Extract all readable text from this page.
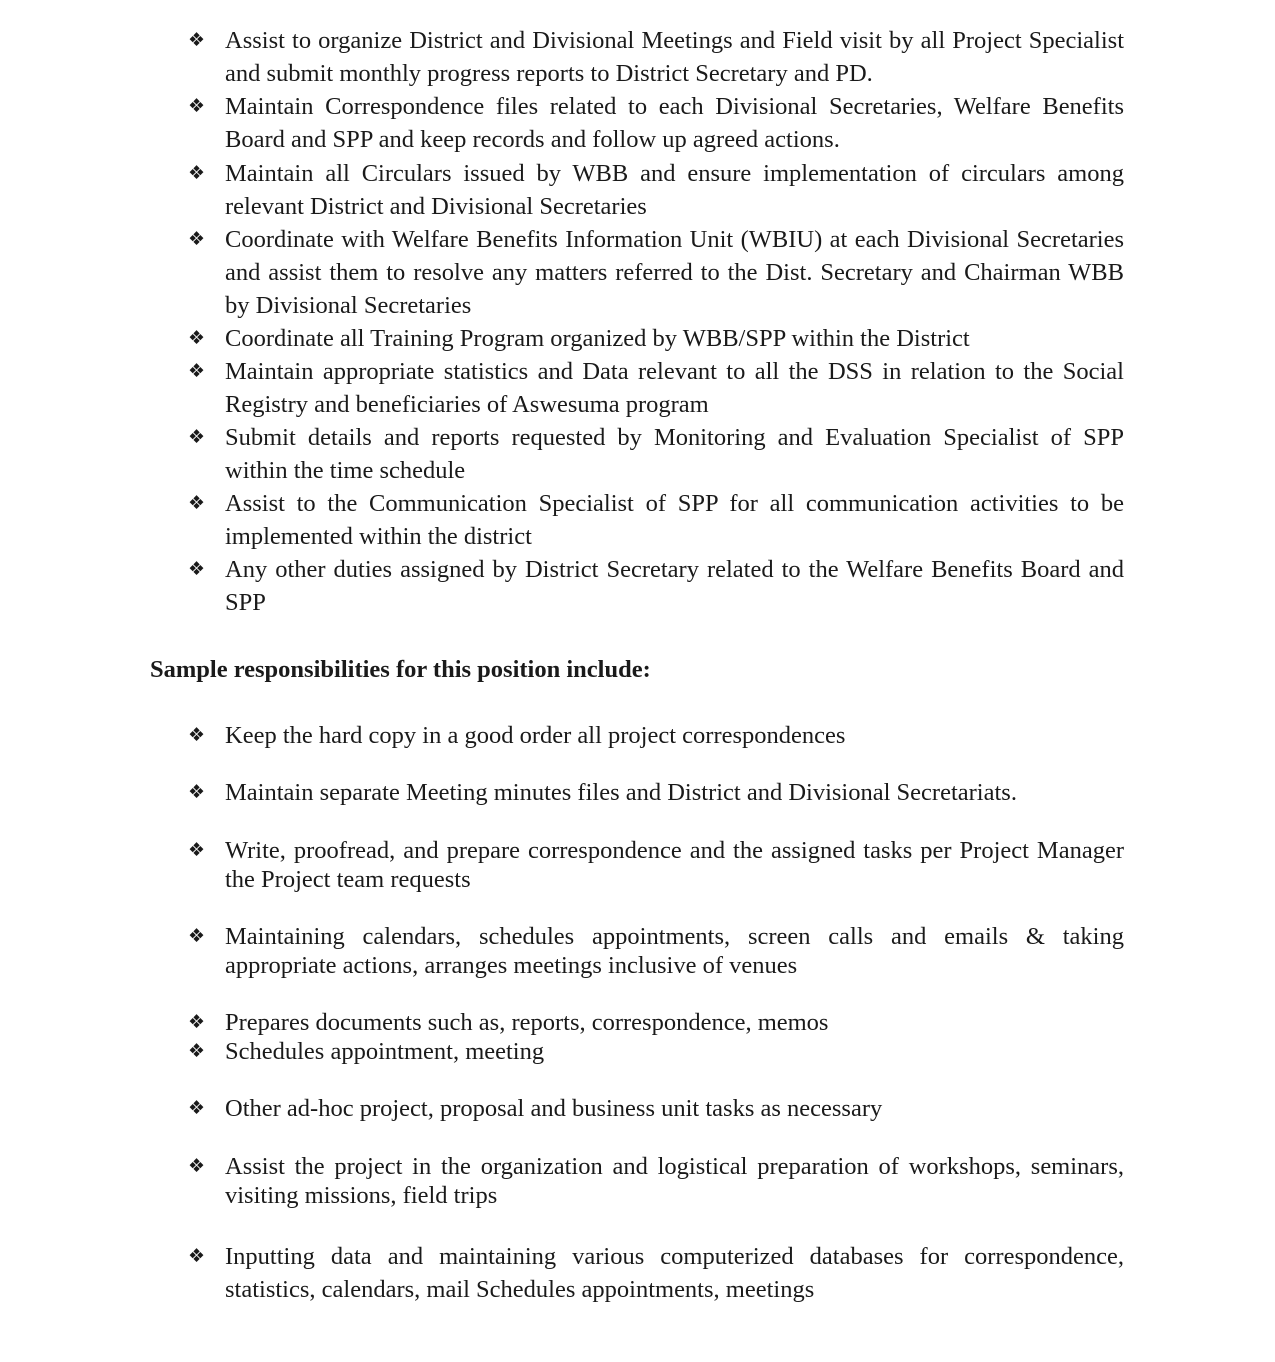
❖ Assist to organize District and Divisional Meetings and Field visit by all Project Specialist and submit monthly progress reports to District Secretary and PD.
❖ Maintain Correspondence files related to each Divisional Secretaries, Welfare Benefits Board and SPP and keep records and follow up agreed actions.
❖ Maintain all Circulars issued by WBB and ensure implementation of circulars among relevant District and Divisional Secretaries
❖ Coordinate with Welfare Benefits Information Unit (WBIU) at each Divisional Secretaries and assist them to resolve any matters referred to the Dist. Secretary and Chairman WBB by Divisional Secretaries
❖ Coordinate all Training Program organized by WBB/SPP within the District
❖ Maintain appropriate statistics and Data relevant to all the DSS in relation to the Social Registry and beneficiaries of Aswesuma program
❖ Submit details and reports requested by Monitoring and Evaluation Specialist of SPP within the time schedule
❖ Assist to the Communication Specialist of SPP for all communication activities to be implemented within the district
❖ Any other duties assigned by District Secretary related to the Welfare Benefits Board and SPP
Sample responsibilities for this position include:
❖ Keep the hard copy in a good order all project correspondences
❖ Maintain separate Meeting minutes files and District and Divisional Secretariats.
❖ Write, proofread, and prepare correspondence and the assigned tasks per Project Manager the Project team requests
❖ Maintaining calendars, schedules appointments, screen calls and emails & taking appropriate actions, arranges meetings inclusive of venues
❖ Prepares documents such as, reports, correspondence, memos
❖ Schedules appointment, meeting
❖ Other ad-hoc project, proposal and business unit tasks as necessary
❖ Assist the project in the organization and logistical preparation of workshops, seminars, visiting missions, field trips
❖ Inputting data and maintaining various computerized databases for correspondence, statistics, calendars, mail Schedules appointments, meetings
